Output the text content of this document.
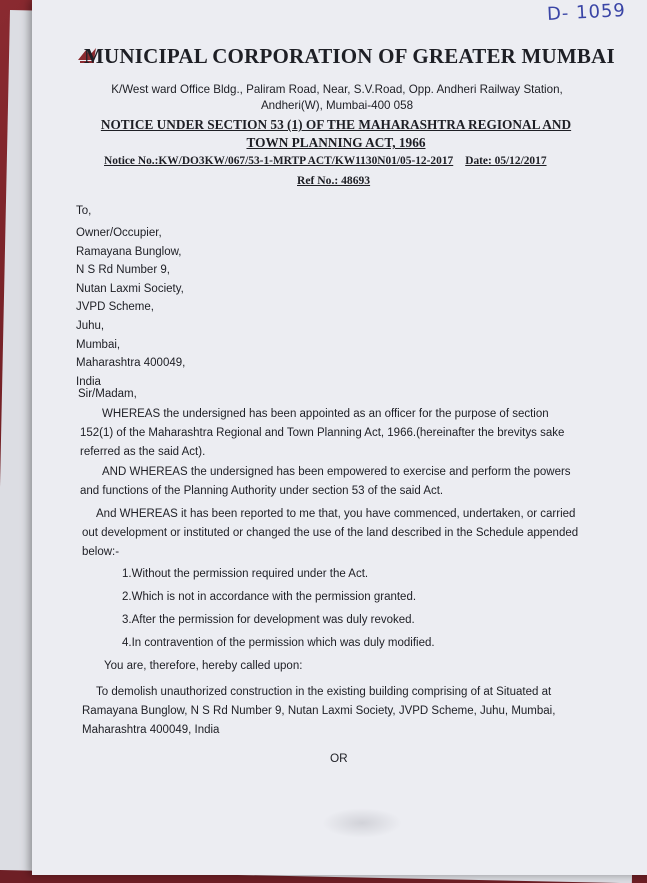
D- 1059
MUNICIPAL CORPORATION OF GREATER MUMBAI
K/West ward Office Bldg., Paliram Road, Near, S.V.Road, Opp. Andheri Railway Station,
Andheri(W), Mumbai-400 058
NOTICE UNDER SECTION 53 (1) OF THE MAHARASHTRA REGIONAL AND
TOWN PLANNING ACT, 1966
Notice No.:KW/DO3KW/067/53-1-MRTP ACT/KW1130N01/05-12-2017 Date: 05/12/2017
Ref No.: 48693
To,
Owner/Occupier,
Ramayana Bunglow,
N S Rd Number 9,
Nutan Laxmi Society,
JVPD Scheme,
Juhu,
Mumbai,
Maharashtra 400049,
India
Sir/Madam,
WHEREAS the undersigned has been appointed as an officer for the purpose of section
152(1) of the Maharashtra Regional and Town Planning Act, 1966.(hereinafter the brevitys sake
referred as the said Act).
AND WHEREAS the undersigned has been empowered to exercise and perform the powers
and functions of the Planning Authority under section 53 of the said Act.
And WHEREAS it has been reported to me that, you have commenced, undertaken, or carried
out development or instituted or changed the use of the land described in the Schedule appended
below:-
1.Without the permission required under the Act.
2.Which is not in accordance with the permission granted.
3.After the permission for development was duly revoked.
4.In contravention of the permission which was duly modified.
You are, therefore, hereby called upon:
To demolish unauthorized construction in the existing building comprising of at Situated at
Ramayana Bunglow, N S Rd Number 9, Nutan Laxmi Society, JVPD Scheme, Juhu, Mumbai,
Maharashtra 400049, India
OR
